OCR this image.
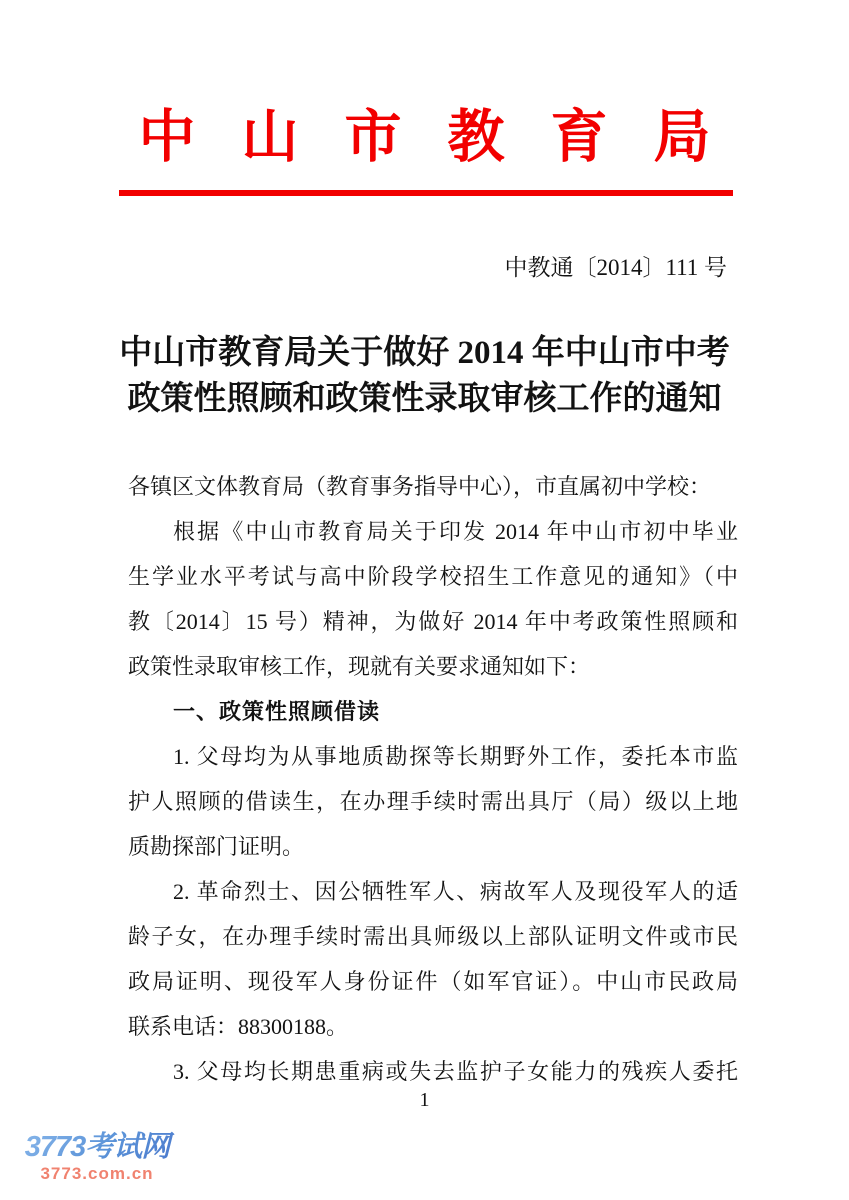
中山市教育局
中教通〔2014〕111 号
中山市教育局关于做好 2014 年中山市中考
政策性照顾和政策性录取审核工作的通知
各镇区文体教育局（教育事务指导中心），市直属初中学校：
根据《中山市教育局关于印发 2014 年中山市初中毕业
生学业水平考试与高中阶段学校招生工作意见的通知》（中
教〔2014〕15 号）精神，为做好 2014 年中考政策性照顾和
政策性录取审核工作，现就有关要求通知如下：
一、政策性照顾借读
1. 父母均为从事地质勘探等长期野外工作，委托本市监
护人照顾的借读生，在办理手续时需出具厅（局）级以上地
质勘探部门证明。
2. 革命烈士、因公牺牲军人、病故军人及现役军人的适
龄子女，在办理手续时需出具师级以上部队证明文件或市民
政局证明、现役军人身份证件（如军官证）。中山市民政局
联系电话：88300188。
3. 父母均长期患重病或失去监护子女能力的残疾人委托
1
3773考试网
3773.com.cn
